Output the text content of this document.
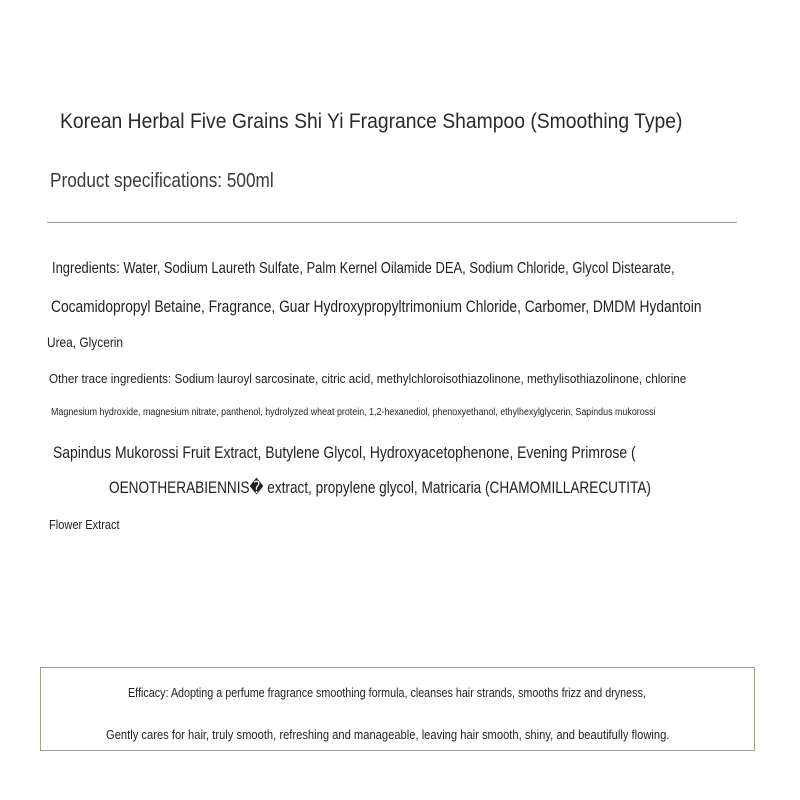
Korean Herbal Five Grains Shi Yi Fragrance Shampoo (Smoothing Type)
Product specifications: 500ml
Ingredients: Water, Sodium Laureth Sulfate, Palm Kernel Oilamide DEA, Sodium Chloride, Glycol Distearate,
Cocamidopropyl Betaine, Fragrance, Guar Hydroxypropyltrimonium Chloride, Carbomer, DMDM Hydantoin
Urea, Glycerin
Other trace ingredients: Sodium lauroyl sarcosinate, citric acid, methylchloroisothiazolinone, methylisothiazolinone, chlorine
Magnesium hydroxide, magnesium nitrate, panthenol, hydrolyzed wheat protein, 1,2-hexanediol, phenoxyethanol, ethylhexylglycerin, Sapindus mukorossi
Sapindus Mukorossi Fruit Extract, Butylene Glycol, Hydroxyacetophenone, Evening Primrose (
OENOTHERABIENNIS� extract, propylene glycol, Matricaria (CHAMOMILLARECUTITA)
Flower Extract
Efficacy: Adopting a perfume fragrance smoothing formula, cleanses hair strands, smooths frizz and dryness,
Gently cares for hair, truly smooth, refreshing and manageable, leaving hair smooth, shiny, and beautifully flowing.
